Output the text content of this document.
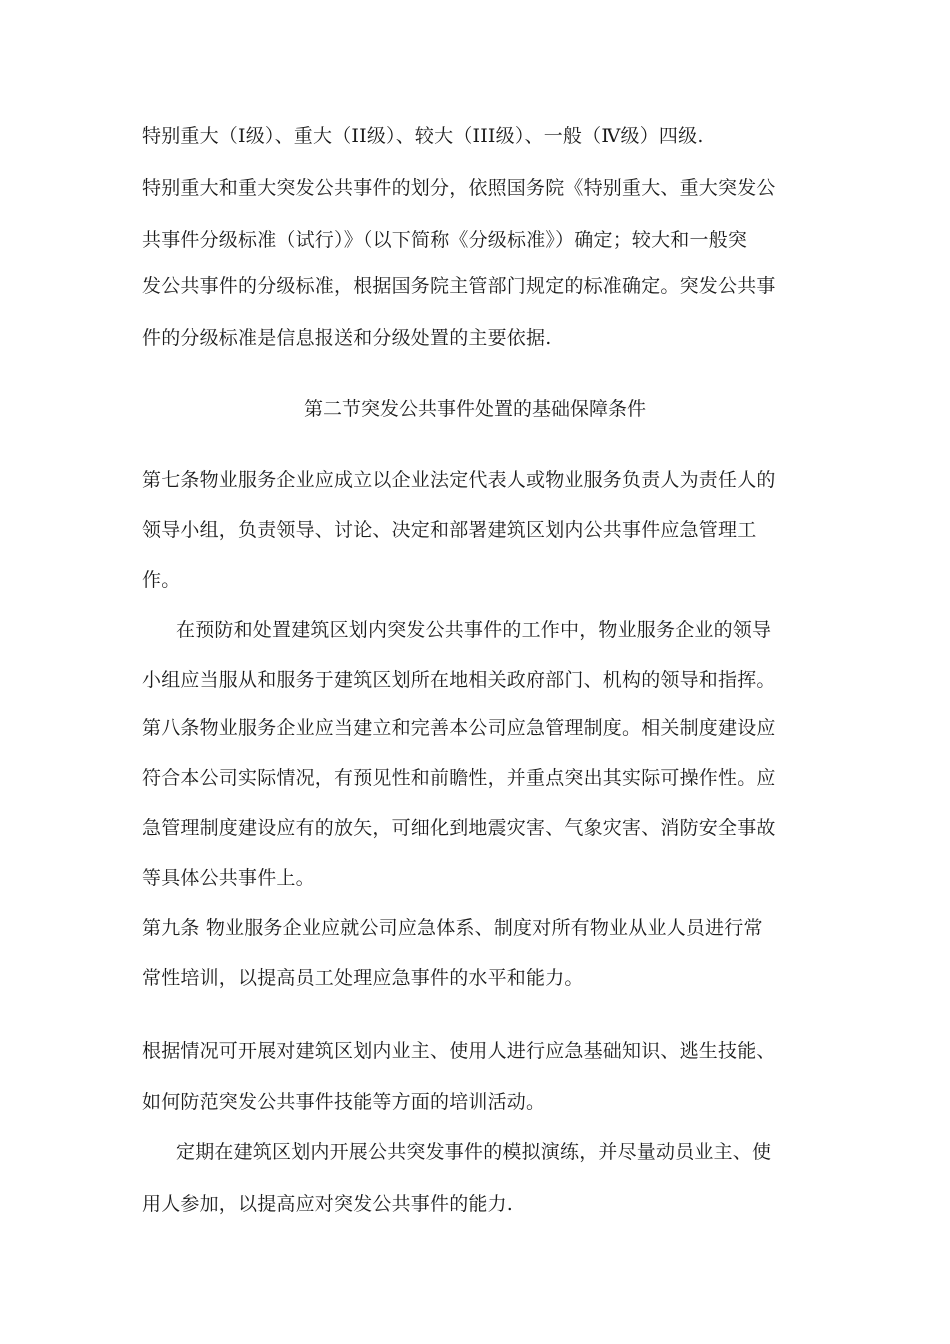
特别重大（Ⅰ级）、重大（ⅠⅠ级）、较大（ⅠⅠⅠ级）、一般（Ⅳ级）四级.
特别重大和重大突发公共事件的划分，依照国务院《特别重大、重大突发公
共事件分级标准（试行）》（以下简称《分级标准》）确定；较大和一般突
发公共事件的分级标准，根据国务院主管部门规定的标准确定。突发公共事
件的分级标准是信息报送和分级处置的主要依据.
第二节突发公共事件处置的基础保障条件
第七条物业服务企业应成立以企业法定代表人或物业服务负责人为责任人的
领导小组，负责领导、讨论、决定和部署建筑区划内公共事件应急管理工
作。
在预防和处置建筑区划内突发公共事件的工作中，物业服务企业的领导
小组应当服从和服务于建筑区划所在地相关政府部门、机构的领导和指挥。
第八条物业服务企业应当建立和完善本公司应急管理制度。相关制度建设应
符合本公司实际情况，有预见性和前瞻性，并重点突出其实际可操作性。应
急管理制度建设应有的放矢，可细化到地震灾害、气象灾害、消防安全事故
等具体公共事件上。
第九条 物业服务企业应就公司应急体系、制度对所有物业从业人员进行常
常性培训，以提高员工处理应急事件的水平和能力。
根据情况可开展对建筑区划内业主、使用人进行应急基础知识、逃生技能、
如何防范突发公共事件技能等方面的培训活动。
定期在建筑区划内开展公共突发事件的模拟演练，并尽量动员业主、使
用人参加，以提高应对突发公共事件的能力.
